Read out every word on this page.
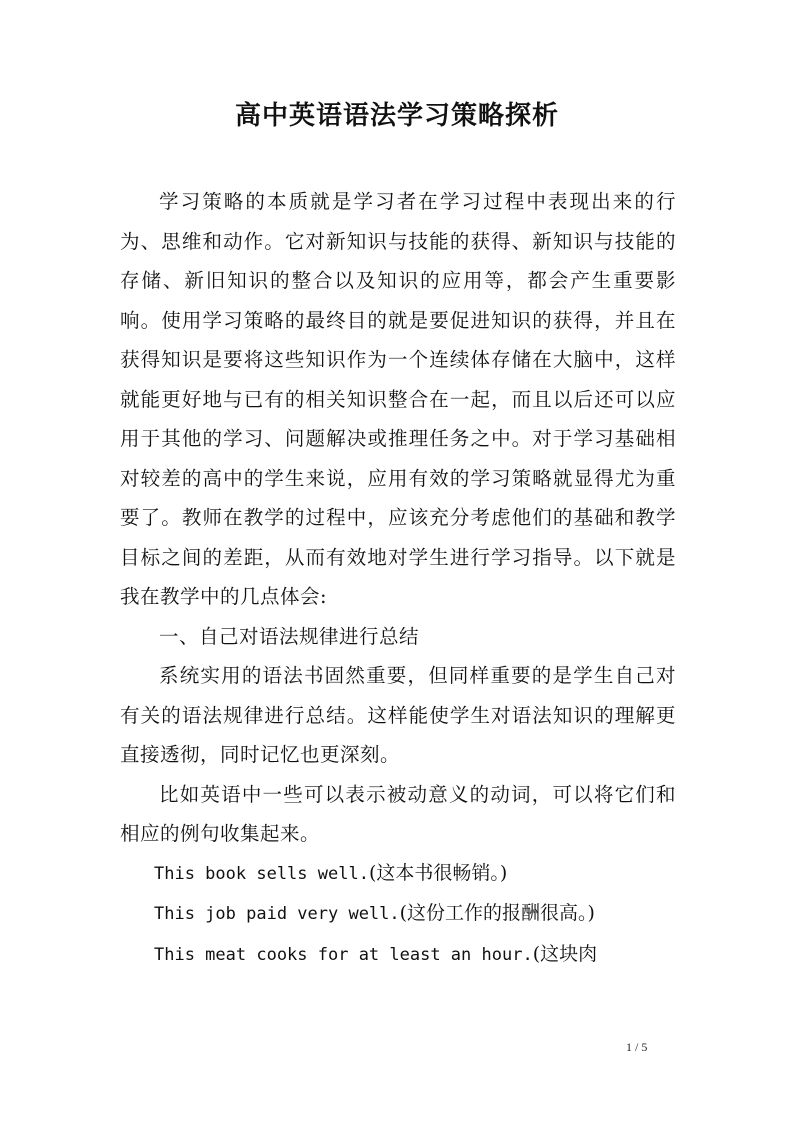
高中英语语法学习策略探析

学习策略的本质就是学习者在学习过程中表现出来的行为、思维和动作。它对新知识与技能的获得、新知识与技能的存储、新旧知识的整合以及知识的应用等，都会产生重要影响。使用学习策略的最终目的就是要促进知识的获得，并且在获得知识是要将这些知识作为一个连续体存储在大脑中，这样就能更好地与已有的相关知识整合在一起，而且以后还可以应用于其他的学习、问题解决或推理任务之中。对于学习基础相对较差的高中的学生来说，应用有效的学习策略就显得尤为重要了。教师在教学的过程中，应该充分考虑他们的基础和教学目标之间的差距，从而有效地对学生进行学习指导。以下就是我在教学中的几点体会:

一、自己对语法规律进行总结

系统实用的语法书固然重要，但同样重要的是学生自己对有关的语法规律进行总结。这样能使学生对语法知识的理解更直接透彻，同时记忆也更深刻。

比如英语中一些可以表示被动意义的动词，可以将它们和相应的例句收集起来。

This book sells well.(这本书很畅销。)

This job paid very well.(这份工作的报酬很高。)

This meat cooks for at least an hour.(这块肉

1 / 5
